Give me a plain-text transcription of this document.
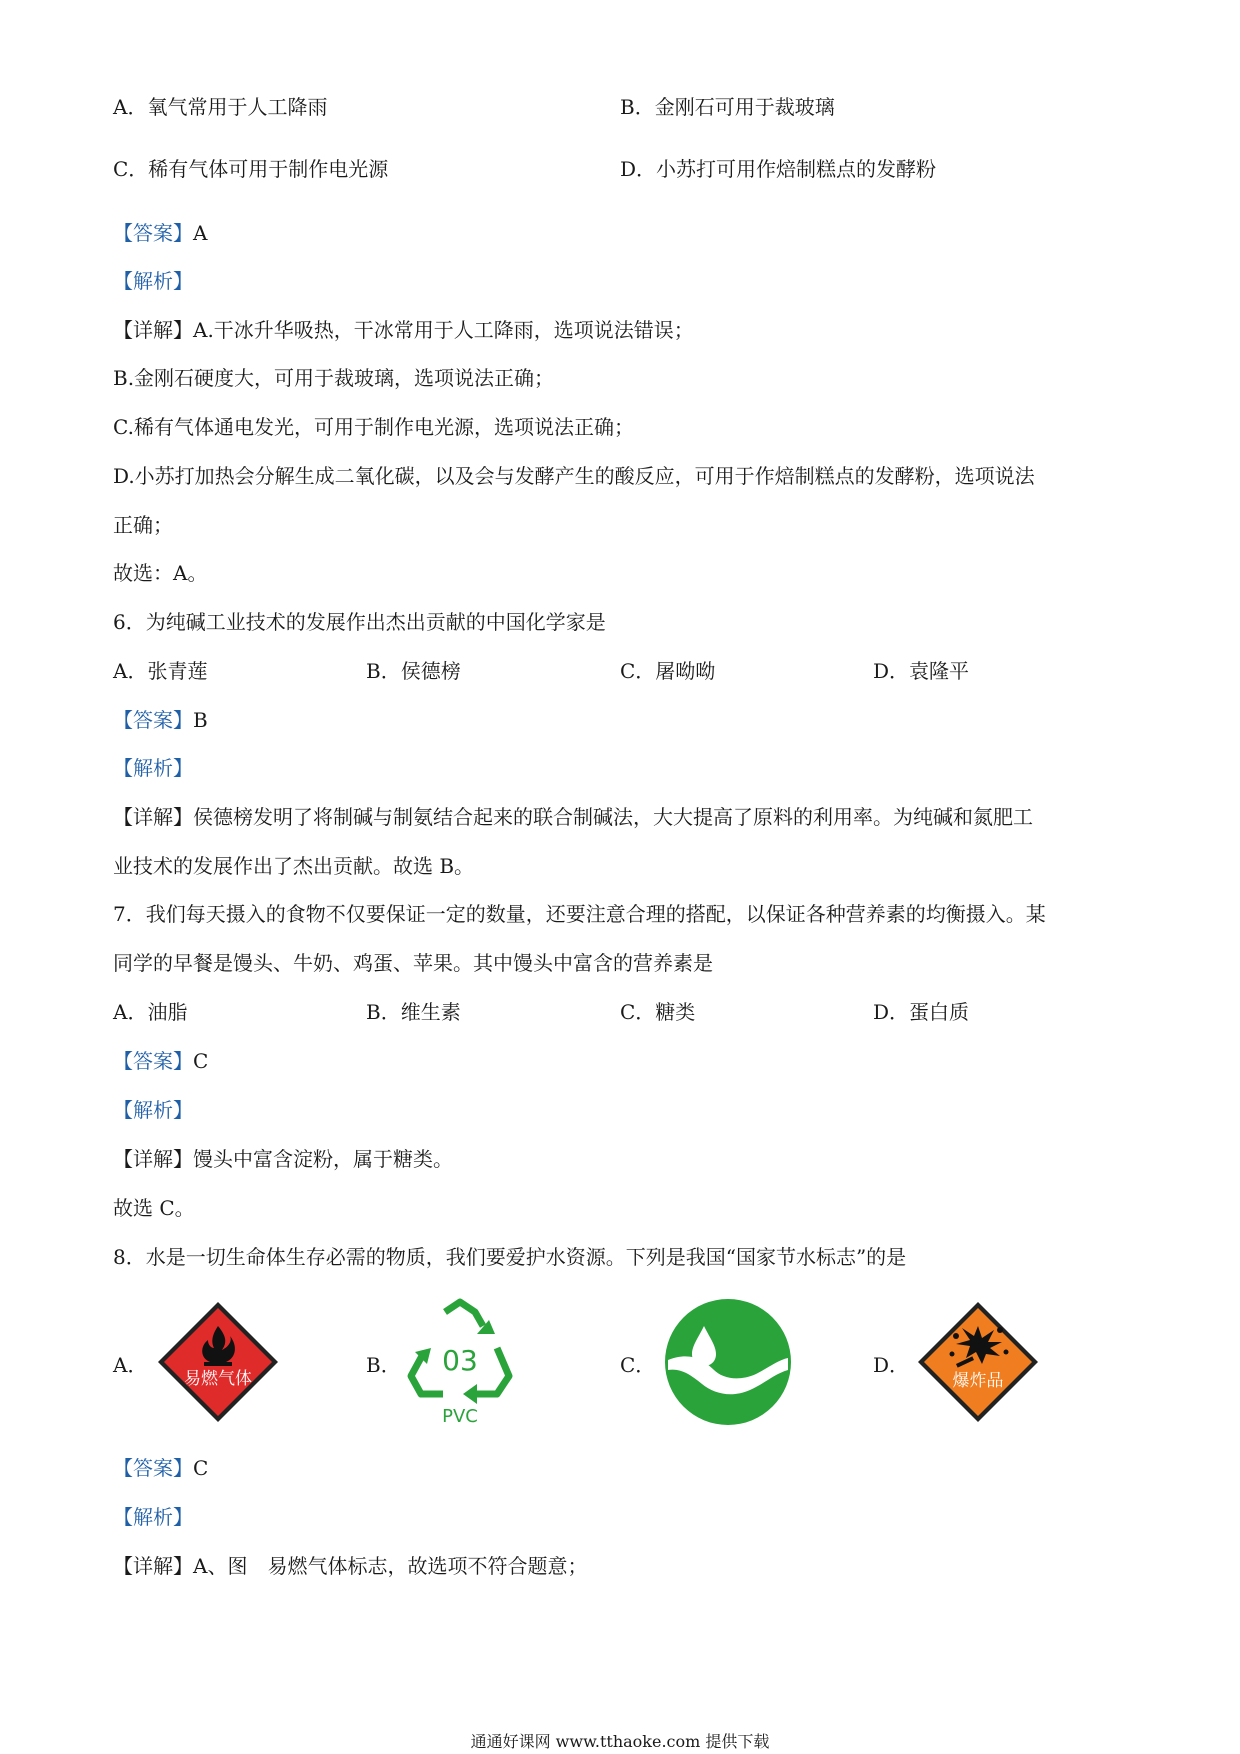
A．氧气常用于人工降雨	B．金刚石可用于裁玻璃
C．稀有气体可用于制作电光源	D．小苏打可用作焙制糕点的发酵粉
【答案】A
【解析】
【详解】A.干冰升华吸热，干冰常用于人工降雨，选项说法错误；
B.金刚石硬度大，可用于裁玻璃，选项说法正确；
C.稀有气体通电发光，可用于制作电光源，选项说法正确；
D.小苏打加热会分解生成二氧化碳，以及会与发酵产生的酸反应，可用于作焙制糕点的发酵粉，选项说法
正确；
故选：A。
6．为纯碱工业技术的发展作出杰出贡献的中国化学家是
A．张青莲	B．侯德榜	C．屠呦呦	D．袁隆平
【答案】B
【解析】
【详解】侯德榜发明了将制碱与制氨结合起来的联合制碱法，大大提高了原料的利用率。为纯碱和氮肥工
业技术的发展作出了杰出贡献。故选 B。
7．我们每天摄入的食物不仅要保证一定的数量，还要注意合理的搭配，以保证各种营养素的均衡摄入。某
同学的早餐是馒头、牛奶、鸡蛋、苹果。其中馒头中富含的营养素是
A．油脂	B．维生素	C．糖类	D．蛋白质
【答案】C
【解析】
【详解】馒头中富含淀粉，属于糖类。
故选 C。
8．水是一切生命体生存必需的物质，我们要爱护水资源。下列是我国“国家节水标志”的是
A．
易燃气体
B． 03
PVC
C．	D．
爆炸品
【答案】C
【解析】
【详解】A、图　易燃气体标志，故选项不符合题意；
通通好课网 www.tthaoke.com 提供下载
